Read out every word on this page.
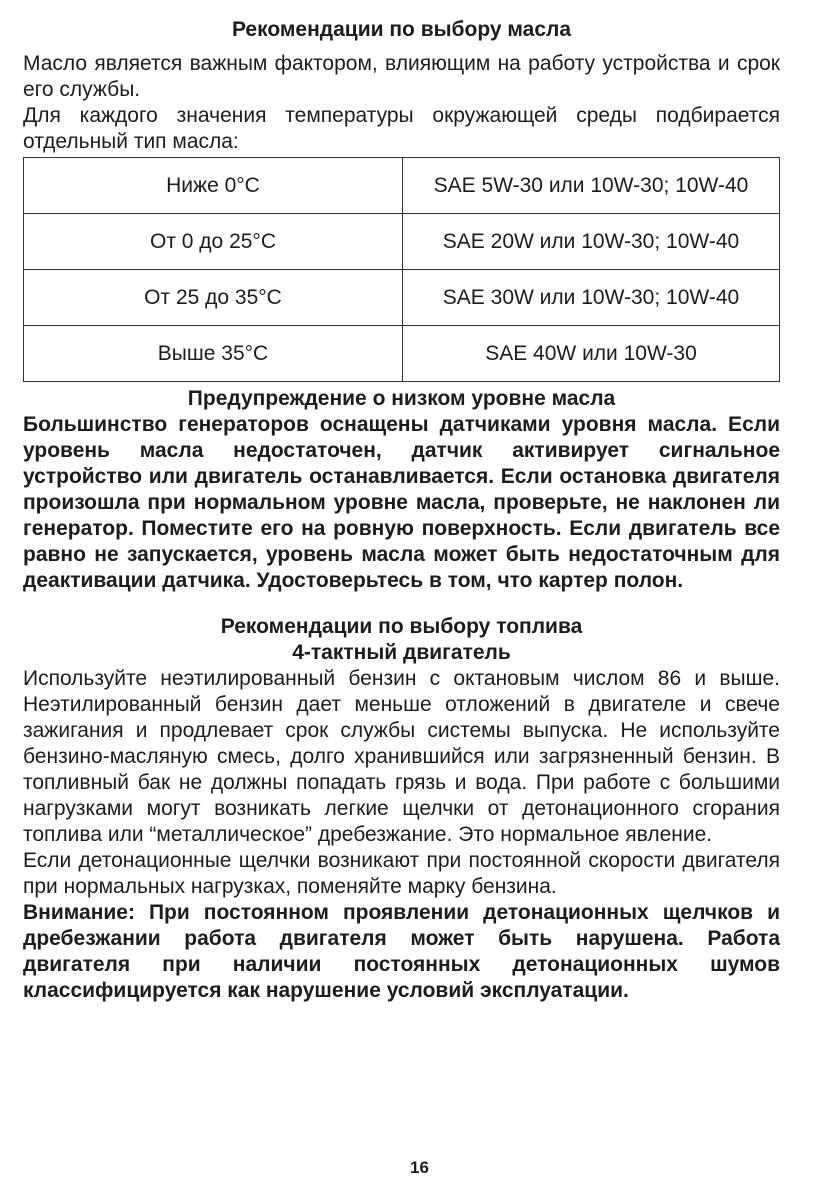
Рекомендации по выбору масла
Масло является важным фактором, влияющим на работу устройства и срок его службы.
Для каждого значения температуры окружающей среды подбирается отдельный тип масла:
Ниже 0°С	SAE 5W-30 или 10W-30; 10W-40
От 0 до 25°С	SAE 20W или 10W-30; 10W-40
От 25 до 35°С	SAE 30W или 10W-30; 10W-40
Выше 35°С	SAE 40W или 10W-30
Предупреждение о низком уровне масла
Большинство генераторов оснащены датчиками уровня масла. Если уровень масла недостаточен, датчик активирует сигнальное устройство или двигатель останавливается. Если остановка двигателя произошла при нормальном уровне масла, проверьте, не наклонен ли генератор. Поместите его на ровную поверхность. Если двигатель все равно не запускается, уровень масла может быть недостаточным для деактивации датчика. Удостоверьтесь в том, что картер полон.
Рекомендации по выбору топлива
4-тактный двигатель
Используйте неэтилированный бензин с октановым числом 86 и выше. Неэтилированный бензин дает меньше отложений в двигателе и свече зажигания и продлевает срок службы системы выпуска. Не используйте бензино-масляную смесь, долго хранившийся или загрязненный бензин. В топливный бак не должны попадать грязь и вода. При работе с большими нагрузками могут возникать легкие щелчки от детонационного сгорания топлива или “металлическое” дребезжание. Это нормальное явление.
Если детонационные щелчки возникают при постоянной скорости двигателя при нормальных нагрузках, поменяйте марку бензина.
Внимание: При постоянном проявлении детонационных щелчков и дребезжании работа двигателя может быть нарушена. Работа двигателя при наличии постоянных детонационных шумов классифицируется как нарушение условий эксплуатации.
16
